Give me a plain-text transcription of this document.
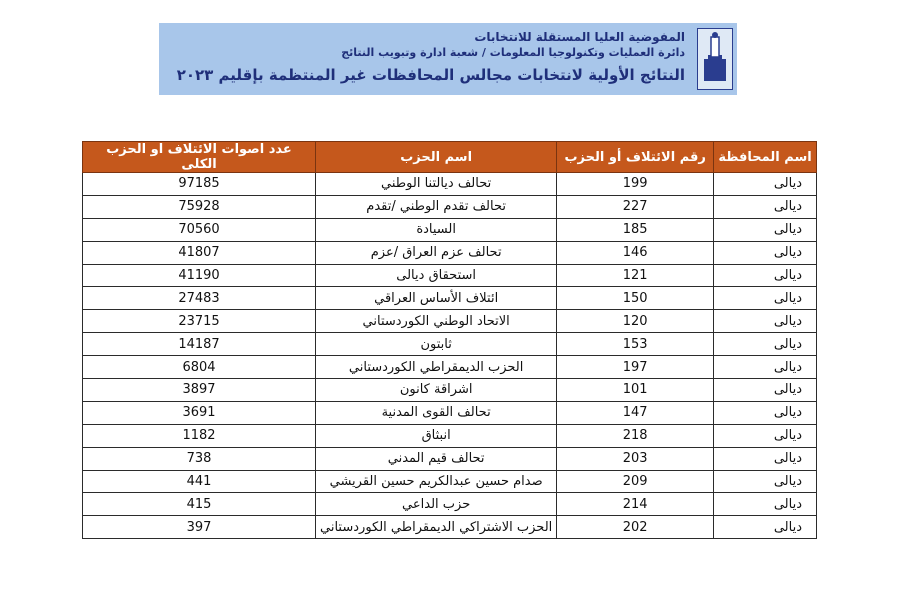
المفوضية العليا المستقلة للانتخابات
دائرة العمليات وتكنولوجيا المعلومات / شعبة ادارة وتبويب النتائج
النتائج الأولية لانتخابات مجالس المحافظات غير المنتظمة بإقليم ٢٠٢٣
اسم المحافظة	رقم الائتلاف أو الحزب	اسم الحزب	عدد اصوات الائتلاف او الحزب الكلى
ديالى	199	تحالف ديالتنا الوطني	97185
ديالى	227	تحالف تقدم الوطني /تقدم	75928
ديالى	185	السيادة	70560
ديالى	146	تحالف عزم العراق /عزم	41807
ديالى	121	استحقاق ديالى	41190
ديالى	150	ائتلاف الأساس العراقي	27483
ديالى	120	الاتحاد الوطني الكوردستاني	23715
ديالى	153	ثابتون	14187
ديالى	197	الحزب الديمقراطي الكوردستاني	6804
ديالى	101	اشراقة كانون	3897
ديالى	147	تحالف القوى المدنية	3691
ديالى	218	انبثاق	1182
ديالى	203	تحالف قيم المدني	738
ديالى	209	صدام حسين عبدالكريم حسين القريشي	441
ديالى	214	حزب الداعي	415
ديالى	202	الحزب الاشتراكي الديمقراطي الكوردستاني	397
